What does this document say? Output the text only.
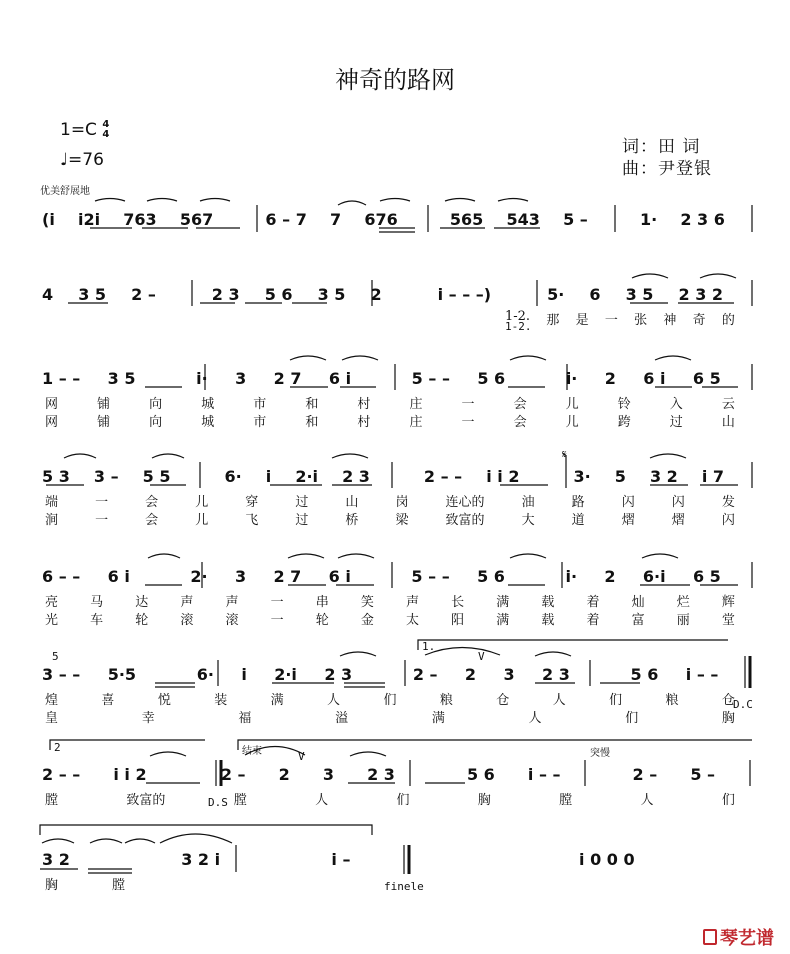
神奇的路网
1=C 4
4
♩=76
词：田 词
曲：尹登银
优美舒展地
1-2.
𝄋
5
D.C
D.S
1.
2	结束	突慢
finele
V
V
(i i2i 763 567	6 – 7 7 676	565 543 5 –	1· 2 3 6
4 3 5 2 –	2 3 5 6 3 5 2	i – – –)	5· 6 3 5 2 3 2
1-2. 那 是 一 张 神 奇 的
1 – – 3 5	i· 3 2 7 6 i	5 – – 5 6	i· 2 6 i 6 5
网	铺	向	城	市	和	村	庄	一	会	儿	铃	入	云
网	铺	向	城	市	和	村	庄	一	会	儿	跨	过	山
5 3 3 – 5 5	6· i 2·i 2 3	2 – – i i 2	3· 5 3 2 i 7
端	一	会	儿	穿	过	山	岗	连心的	油	路	闪	闪	发
涧	一	会	儿	飞	过	桥	梁	致富的	大	道	熠	熠	闪
6 – – 6 i	2· 3 2 7 6 i	5 – – 5 6	i· 2 6·i 6 5
亮 马 达 声 声 一 串 笑 声 长 满 载 着 灿 烂 辉
光 车 轮 滚 滚 一 轮 金 太 阳 满 载 着 富 丽 堂
3 – – 5·5	6· i 2·i 2 3	2 – 2 3 2 3	5 6 i – –
煌	喜	悦	装	满	人	们	粮	仓	人	们	粮	仓
皇	幸	福	溢	满	人	们	胸
2 – – i i 2	2 – 2 3 2 3	5 6 i – –	2 – 5 –
膛	致富的	膛	人	们	胸	膛	人	们
3 2	3 2 i	i –	i 0 0 0
胸	膛
琴艺谱
